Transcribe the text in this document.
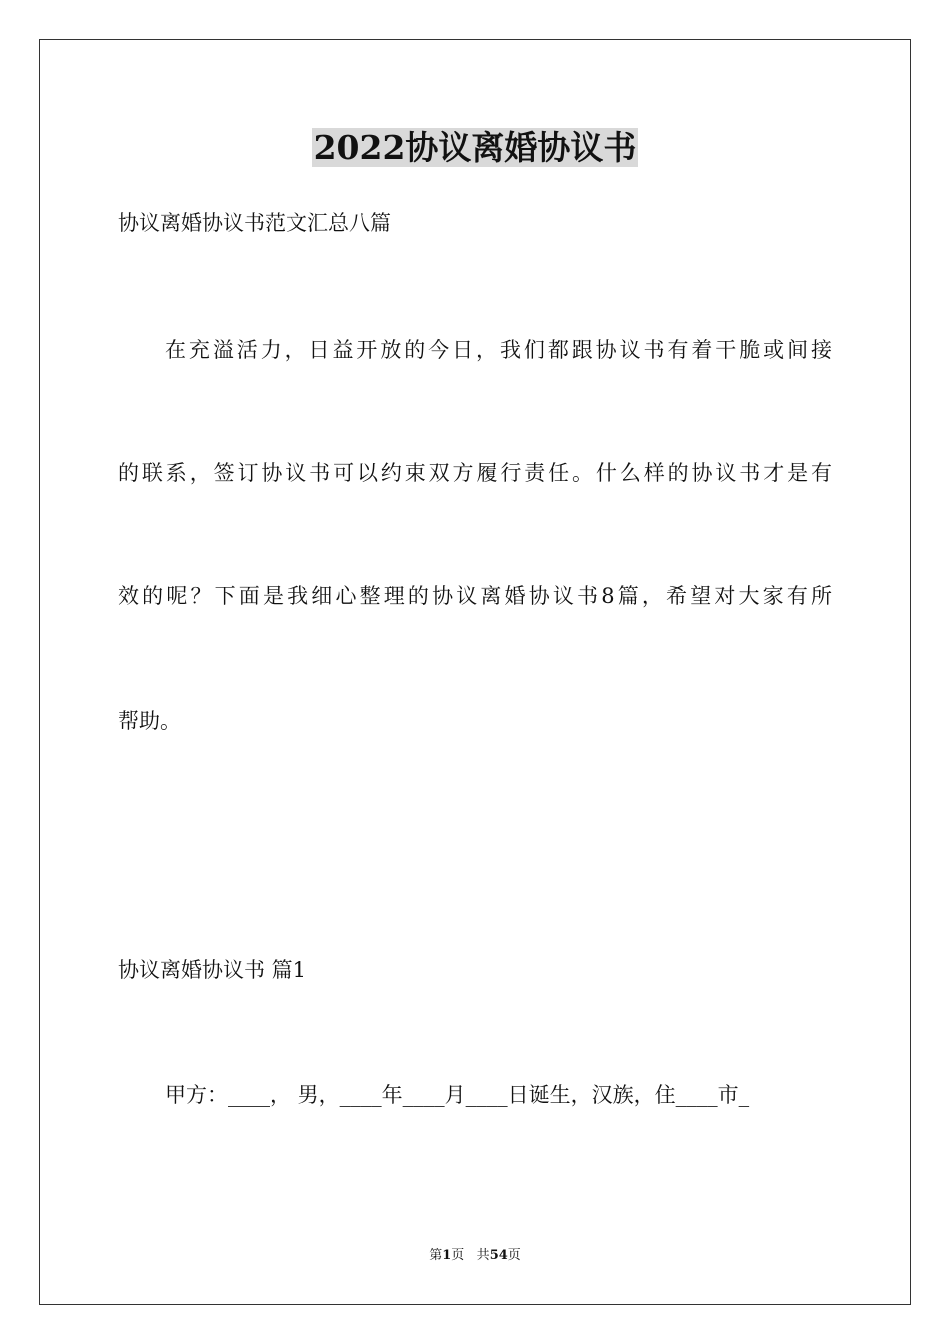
2022协议离婚协议书
协议离婚协议书范文汇总八篇
在充溢活力，日益开放的今日，我们都跟协议书有着干脆或间接
的联系，签订协议书可以约束双方履行责任。什么样的协议书才是有
效的呢？下面是我细心整理的协议离婚协议书8篇，希望对大家有所
帮助。
协议离婚协议书 篇1
甲方：____， 男，____年____月____日诞生，汉族，住____市_
第1页 共54页
